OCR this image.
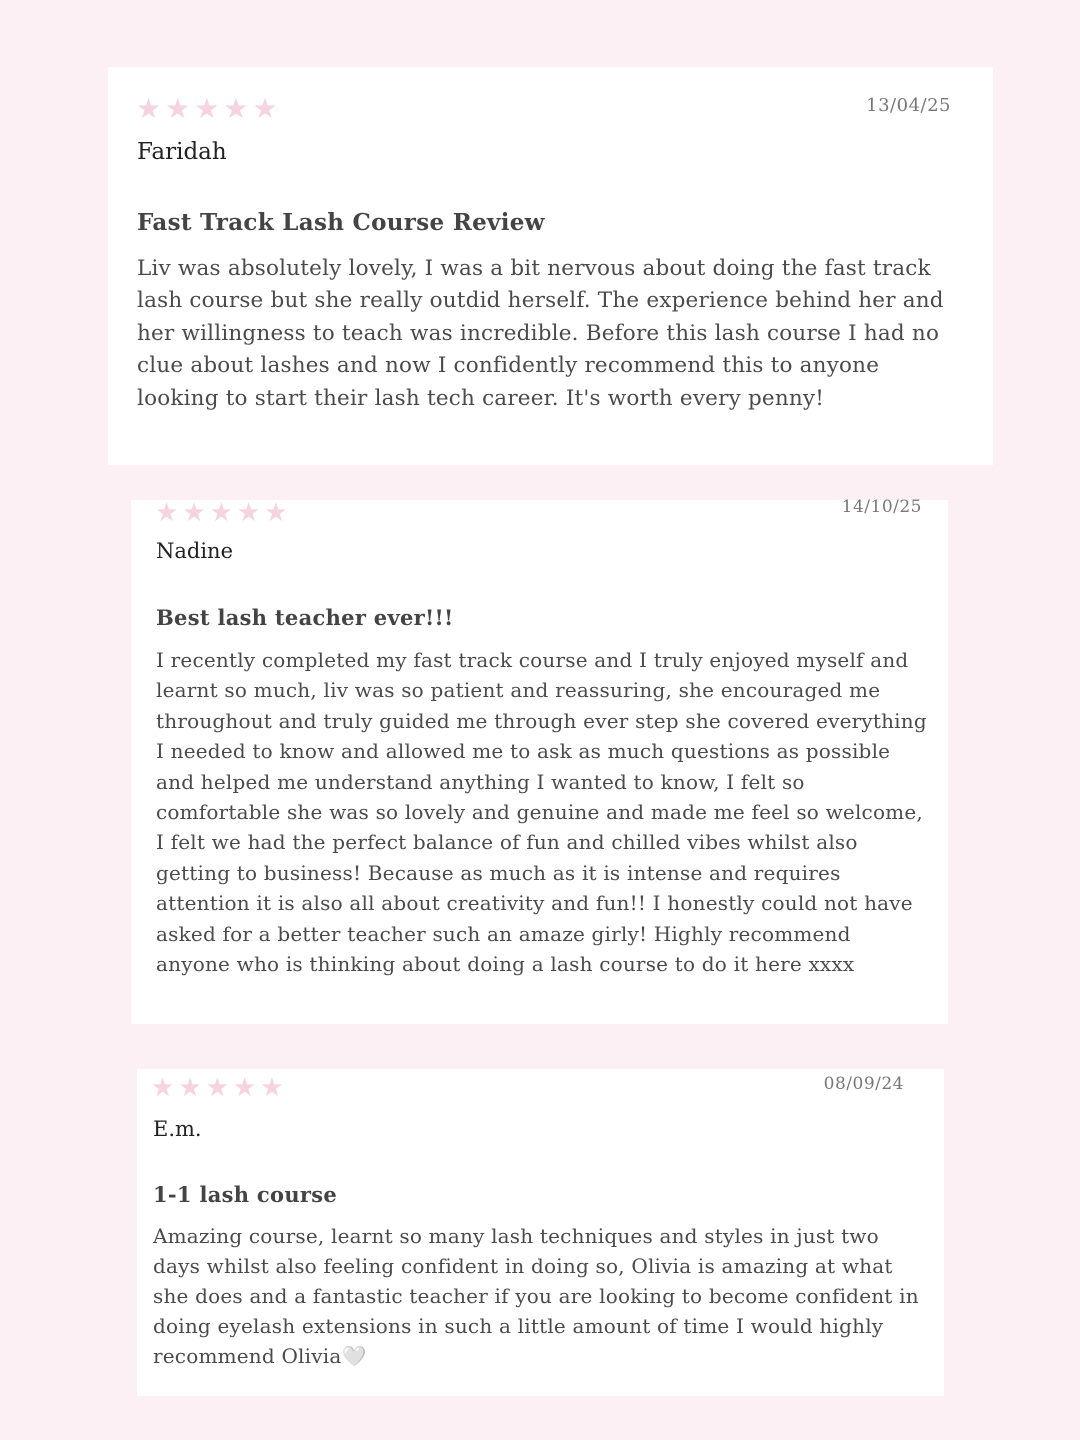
★ ★ ★ ★ ★	13/04/25

Faridah

Fast Track Lash Course Review

Liv was absolutely lovely, I was a bit nervous about doing the fast track lash course but she really outdid herself. The experience behind her and her willingness to teach was incredible. Before this lash course I had no clue about lashes and now I confidently recommend this to anyone looking to start their lash tech career. It's worth every penny!

★ ★ ★ ★ ★	14/10/25

Nadine

Best lash teacher ever!!!

I recently completed my fast track course and I truly enjoyed myself and learnt so much, liv was so patient and reassuring, she encouraged me throughout and truly guided me through ever step she covered everything I needed to know and allowed me to ask as much questions as possible and helped me understand anything I wanted to know, I felt so comfortable she was so lovely and genuine and made me feel so welcome, I felt we had the perfect balance of fun and chilled vibes whilst also getting to business! Because as much as it is intense and requires attention it is also all about creativity and fun!! I honestly could not have asked for a better teacher such an amaze girly! Highly recommend anyone who is thinking about doing a lash course to do it here xxxx

★ ★ ★ ★ ★	08/09/24

E.m.

1-1 lash course

Amazing course, learnt so many lash techniques and styles in just two days whilst also feeling confident in doing so, Olivia is amazing at what she does and a fantastic teacher if you are looking to become confident in doing eyelash extensions in such a little amount of time I would highly recommend Olivia🤍
